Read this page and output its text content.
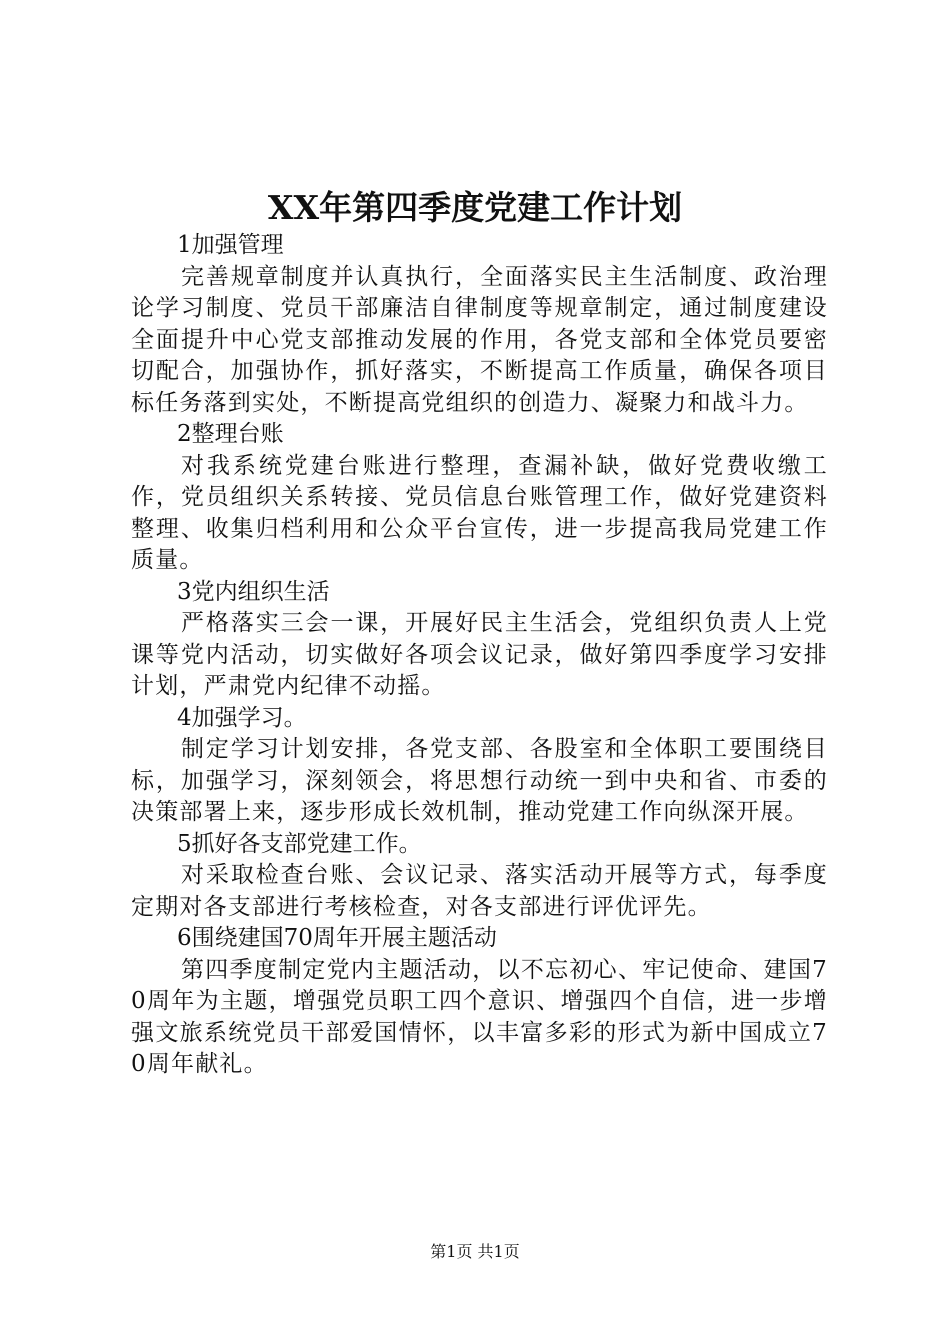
XX年第四季度党建工作计划

1加强管理

完善规章制度并认真执行，全面落实民主生活制度、政治理论学习制度、党员干部廉洁自律制度等规章制定，通过制度建设全面提升中心党支部推动发展的作用，各党支部和全体党员要密切配合，加强协作，抓好落实，不断提高工作质量，确保各项目标任务落到实处，不断提高党组织的创造力、凝聚力和战斗力。

2整理台账

对我系统党建台账进行整理，查漏补缺，做好党费收缴工作，党员组织关系转接、党员信息台账管理工作，做好党建资料整理、收集归档利用和公众平台宣传，进一步提高我局党建工作质量。

3党内组织生活

严格落实三会一课，开展好民主生活会，党组织负责人上党课等党内活动，切实做好各项会议记录，做好第四季度学习安排计划，严肃党内纪律不动摇。

4加强学习。

制定学习计划安排，各党支部、各股室和全体职工要围绕目标，加强学习，深刻领会，将思想行动统一到中央和省、市委的决策部署上来，逐步形成长效机制，推动党建工作向纵深开展。

5抓好各支部党建工作。

对采取检查台账、会议记录、落实活动开展等方式，每季度定期对各支部进行考核检查，对各支部进行评优评先。

6围绕建国70周年开展主题活动

第四季度制定党内主题活动，以不忘初心、牢记使命、建国70周年为主题，增强党员职工四个意识、增强四个自信，进一步增强文旅系统党员干部爱国情怀，以丰富多彩的形式为新中国成立70周年献礼。

第1页 共1页
